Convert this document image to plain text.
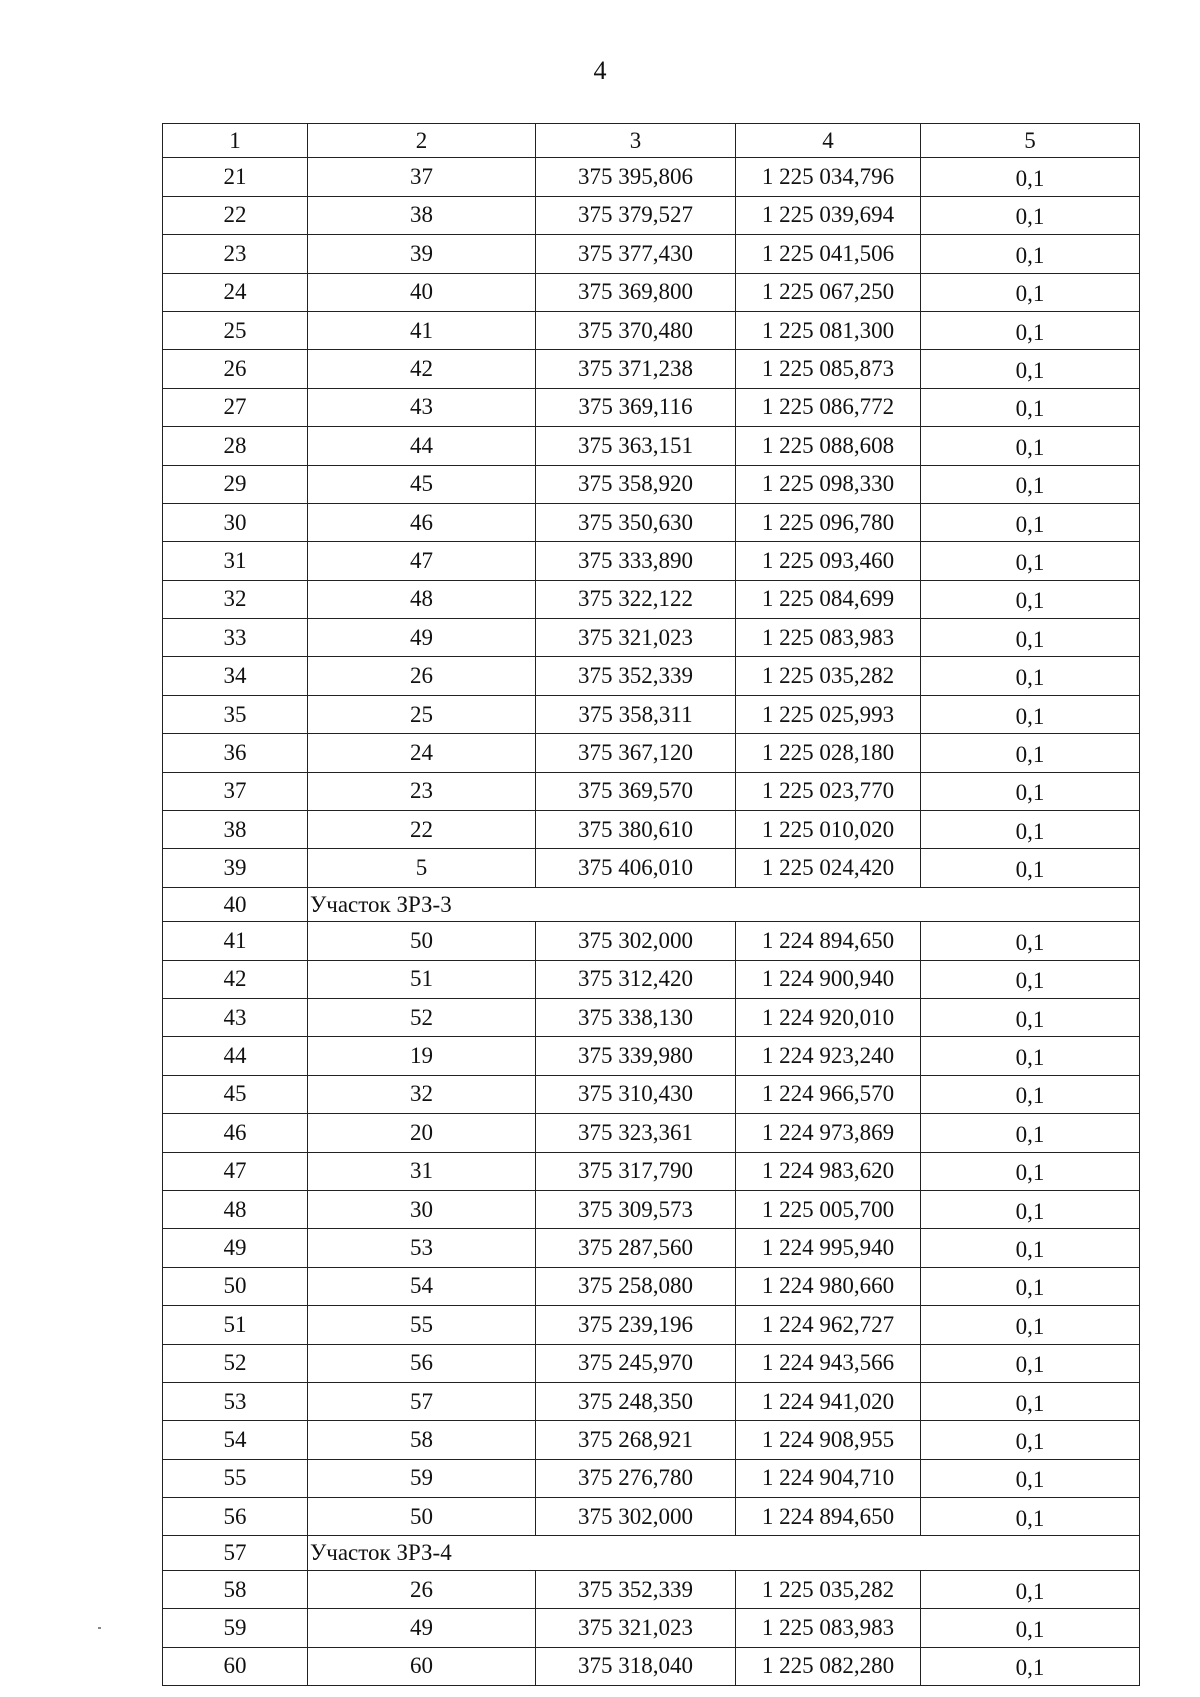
4
1	2	3	4	5
21	37	375 395,806	1 225 034,796	0,1
22	38	375 379,527	1 225 039,694	0,1
23	39	375 377,430	1 225 041,506	0,1
24	40	375 369,800	1 225 067,250	0,1
25	41	375 370,480	1 225 081,300	0,1
26	42	375 371,238	1 225 085,873	0,1
27	43	375 369,116	1 225 086,772	0,1
28	44	375 363,151	1 225 088,608	0,1
29	45	375 358,920	1 225 098,330	0,1
30	46	375 350,630	1 225 096,780	0,1
31	47	375 333,890	1 225 093,460	0,1
32	48	375 322,122	1 225 084,699	0,1
33	49	375 321,023	1 225 083,983	0,1
34	26	375 352,339	1 225 035,282	0,1
35	25	375 358,311	1 225 025,993	0,1
36	24	375 367,120	1 225 028,180	0,1
37	23	375 369,570	1 225 023,770	0,1
38	22	375 380,610	1 225 010,020	0,1
39	5	375 406,010	1 225 024,420	0,1
40	Участок ЗРЗ-3			
41	50	375 302,000	1 224 894,650	0,1
42	51	375 312,420	1 224 900,940	0,1
43	52	375 338,130	1 224 920,010	0,1
44	19	375 339,980	1 224 923,240	0,1
45	32	375 310,430	1 224 966,570	0,1
46	20	375 323,361	1 224 973,869	0,1
47	31	375 317,790	1 224 983,620	0,1
48	30	375 309,573	1 225 005,700	0,1
49	53	375 287,560	1 224 995,940	0,1
50	54	375 258,080	1 224 980,660	0,1
51	55	375 239,196	1 224 962,727	0,1
52	56	375 245,970	1 224 943,566	0,1
53	57	375 248,350	1 224 941,020	0,1
54	58	375 268,921	1 224 908,955	0,1
55	59	375 276,780	1 224 904,710	0,1
56	50	375 302,000	1 224 894,650	0,1
57	Участок ЗРЗ-4			
58	26	375 352,339	1 225 035,282	0,1
59	49	375 321,023	1 225 083,983	0,1
60	60	375 318,040	1 225 082,280	0,1
